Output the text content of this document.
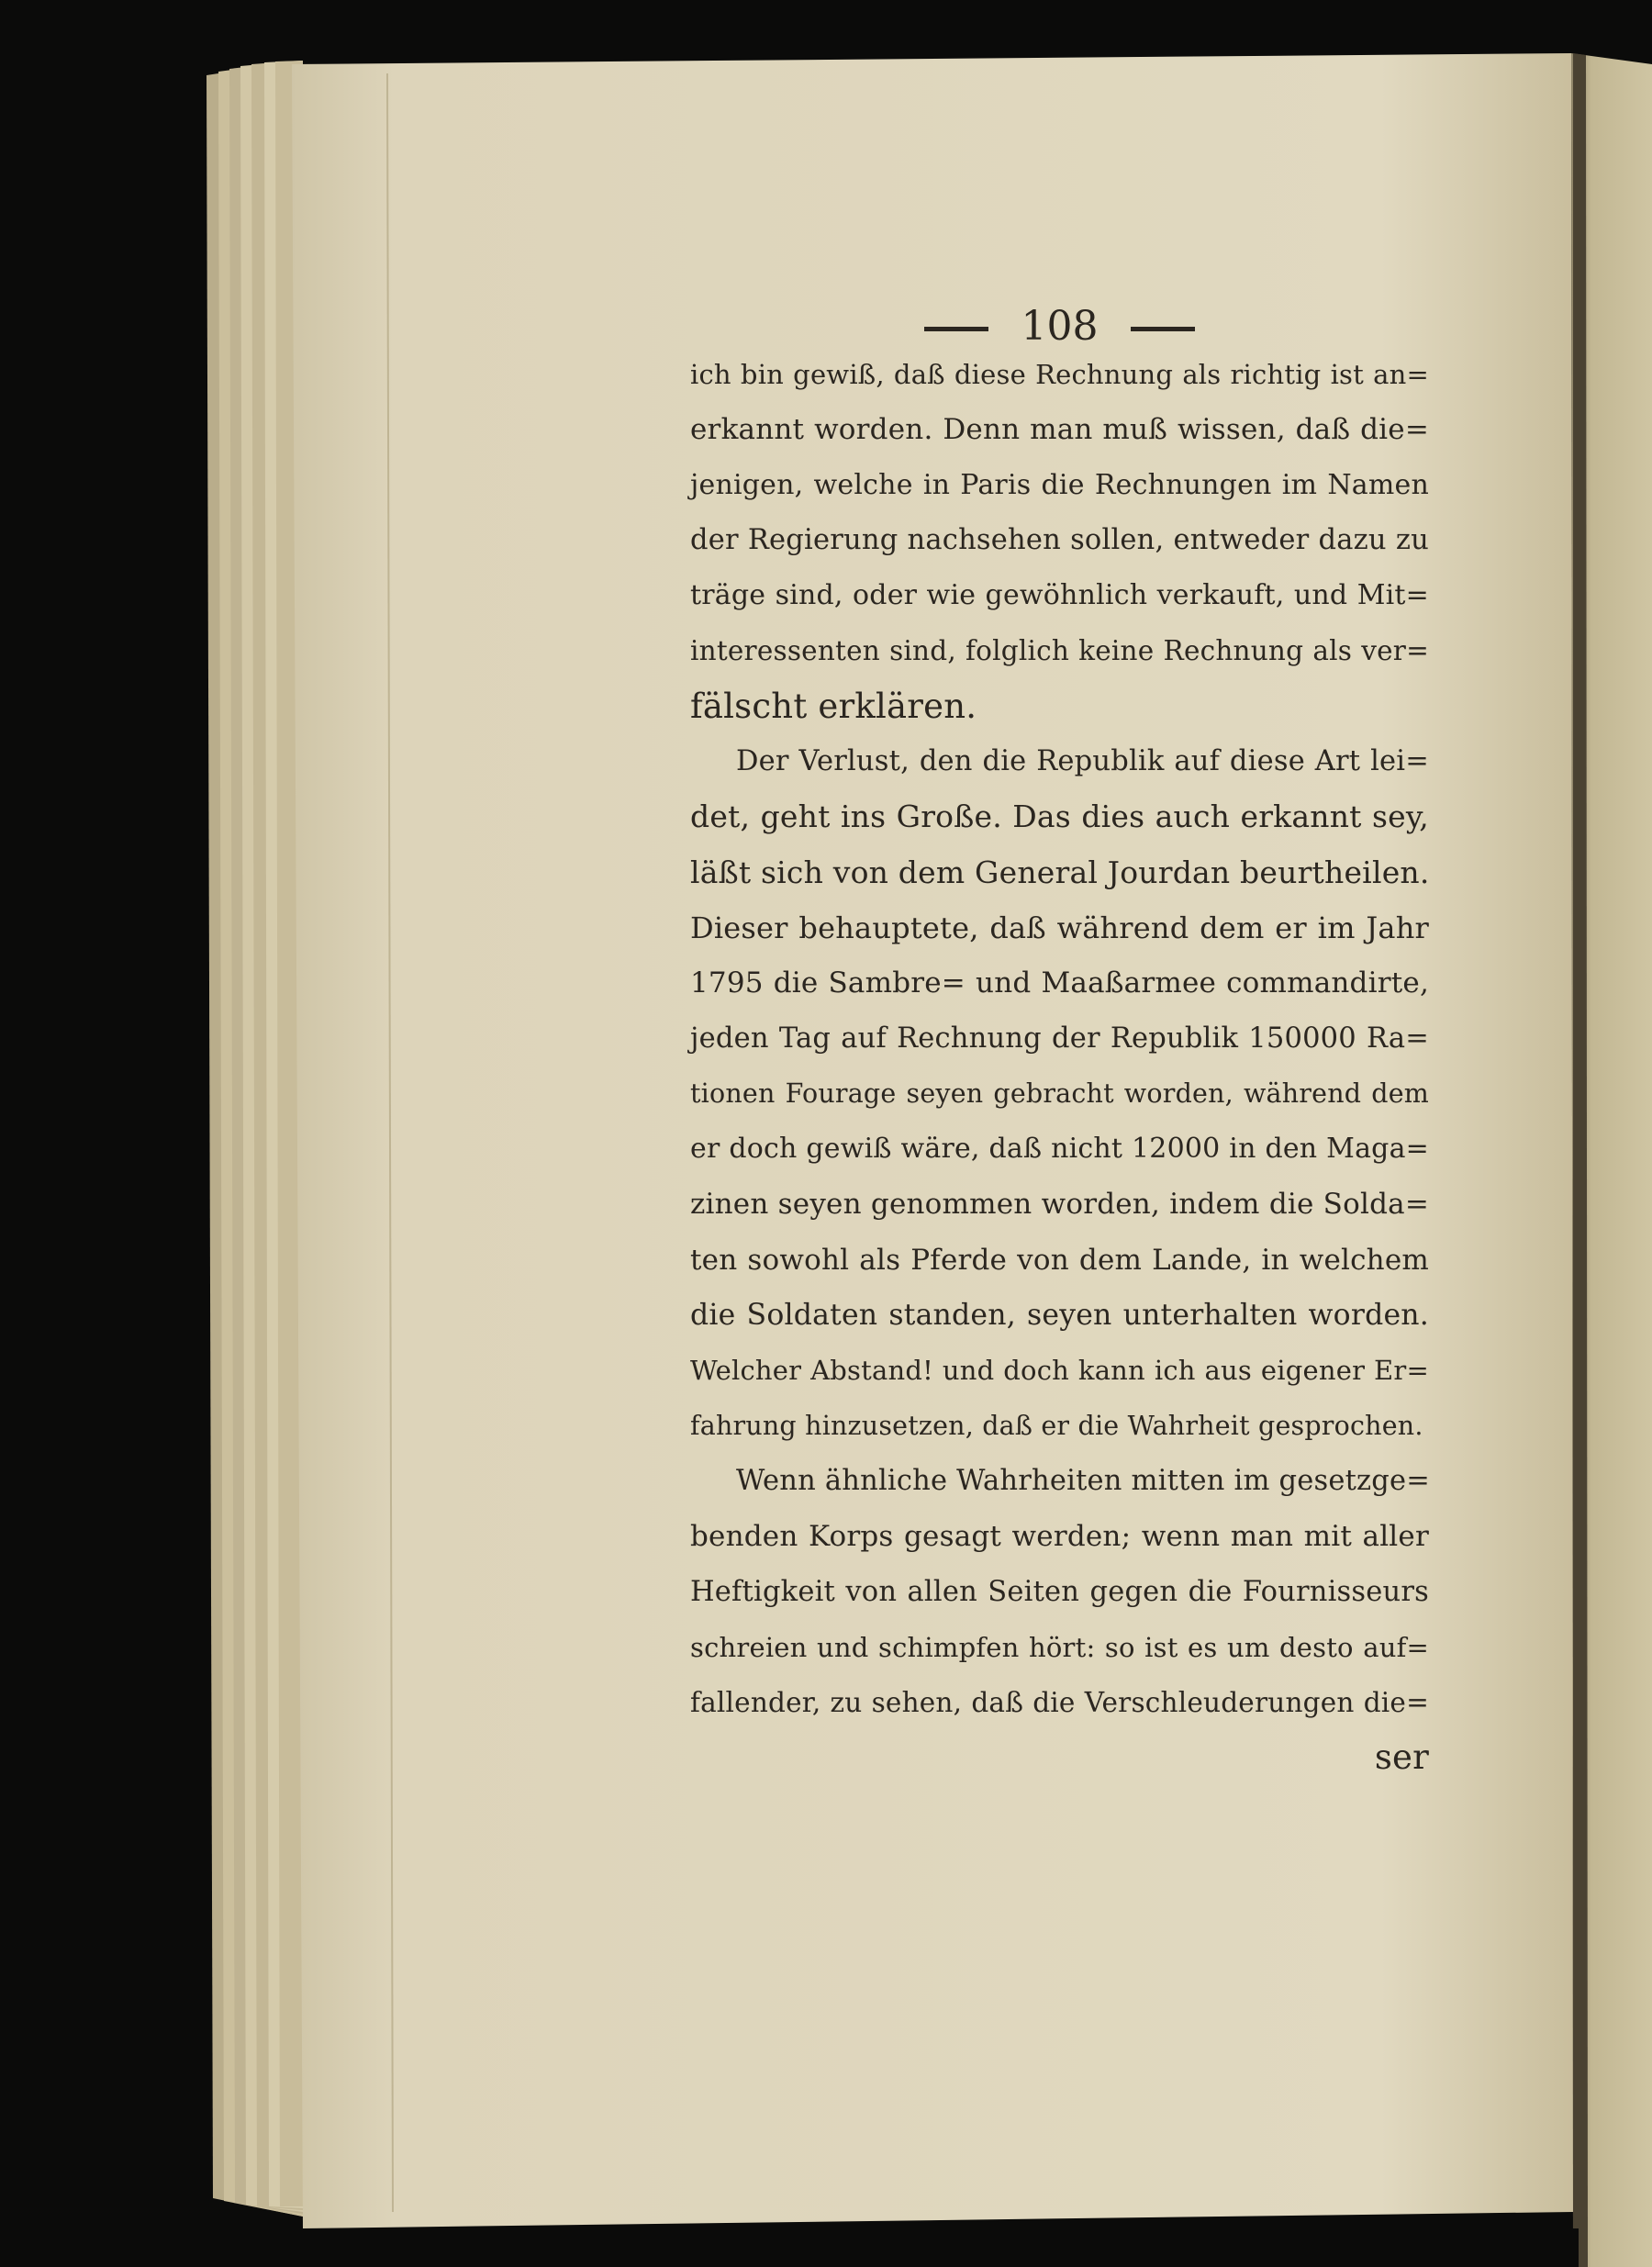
108
ich bin gewiß, daß diese Rechnung als richtig ist an=
erkannt worden. Denn man muß wissen, daß die=
jenigen, welche in Paris die Rechnungen im Namen
der Regierung nachsehen sollen, entweder dazu zu
träge sind, oder wie gewöhnlich verkauft, und Mit=
interessenten sind, folglich keine Rechnung als ver=
fälscht erklären.
Der Verlust, den die Republik auf diese Art lei=
det, geht ins Große. Das dies auch erkannt sey,
läßt sich von dem General Jourdan beurtheilen.
Dieser behauptete, daß während dem er im Jahr
1795 die Sambre= und Maaßarmee commandirte,
jeden Tag auf Rechnung der Republik 150000 Ra=
tionen Fourage seyen gebracht worden, während dem
er doch gewiß wäre, daß nicht 12000 in den Maga=
zinen seyen genommen worden, indem die Solda=
ten sowohl als Pferde von dem Lande, in welchem
die Soldaten standen, seyen unterhalten worden.
Welcher Abstand! und doch kann ich aus eigener Er=
fahrung hinzusetzen, daß er die Wahrheit gesprochen.
Wenn ähnliche Wahrheiten mitten im gesetzge=
benden Korps gesagt werden; wenn man mit aller
Heftigkeit von allen Seiten gegen die Fournisseurs
schreien und schimpfen hört: so ist es um desto auf=
fallender, zu sehen, daß die Verschleuderungen die=
ser
